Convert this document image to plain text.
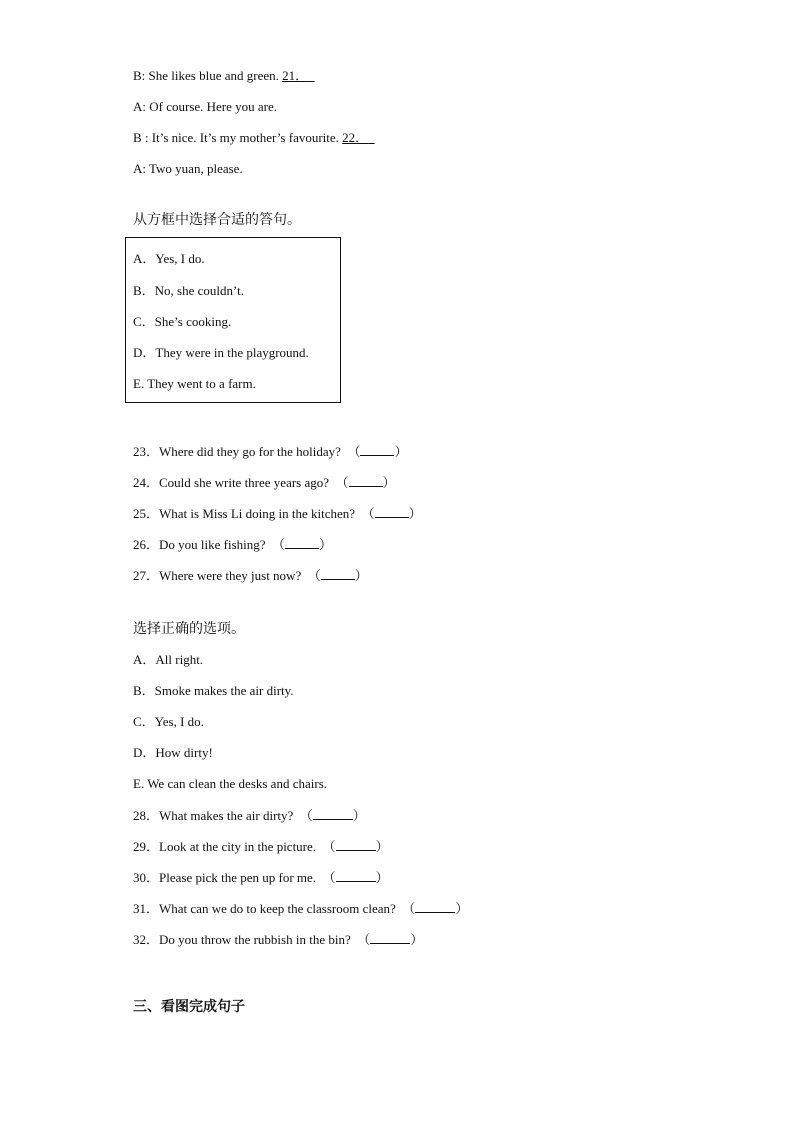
B: She likes blue and green. 21．
A: Of course. Here you are.
B : It’s nice. It’s my mother’s favourite. 22．
A: Two yuan, please.
从方框中选择合适的答句。
A．Yes, I do.
B．No, she couldn’t.
C．She’s cooking.
D．They were in the playground.
E. They went to a farm.
23．Where did they go for the holiday? （	）
24．Could she write three years ago? （	）
25．What is Miss Li doing in the kitchen? （	）
26．Do you like fishing? （	）
27．Where were they just now? （	）
选择正确的选项。
A．All right.
B．Smoke makes the air dirty.
C．Yes, I do.
D．How dirty!
E. We can clean the desks and chairs.
28．What makes the air dirty? （	）
29．Look at the city in the picture. （	）
30．Please pick the pen up for me. （	）
31．What can we do to keep the classroom clean? （	）
32．Do you throw the rubbish in the bin? （	）
三、看图完成句子
